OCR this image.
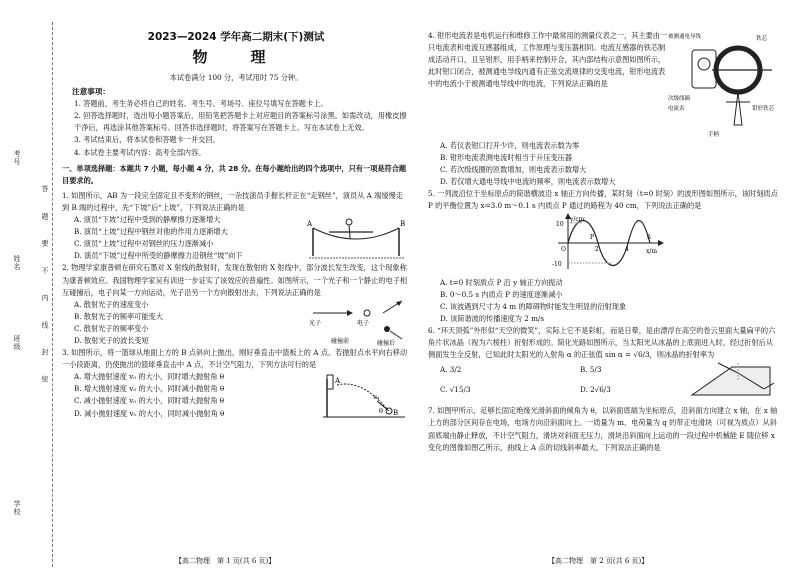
考号
姓名
班级
学校
答 题 要 不 内 线 封 密

2023—2024 学年高二期末(下)测试

物　理

本试卷满分 100 分，考试用时 75 分钟。

注意事项：

1. 答题前，考生务必将自己的姓名、考生号、考场号、座位号填写在答题卡上。

2. 回答选择题时，选出每小题答案后，用铅笔把答题卡上对应题目的答案标号涂黑。如需改动，用橡皮擦干净后，再选涂其他答案标号。回答非选择题时，将答案写在答题卡上。写在本试卷上无效。

3. 考试结束后，将本试卷和答题卡一并交回。

4. 本试卷主要考试内容：高考全部内容。

一、单项选择题：本题共 7 小题，每小题 4 分，共 28 分。在每小题给出的四个选项中，只有一项是符合题目要求的。

1. 如图所示，AB 为一段完全固定且不变形的钢丝，一杂技演员手握长杆正在“走钢丝”，演员从 A 端缓慢走到 B 端的过程中，先“下坡”后“上坡”，下列说法正确的是

A. 演员“下坡”过程中受到的静摩擦力逐渐增大

B. 演员“上坡”过程中钢丝对他的作用力逐渐增大

C. 演员“上坡”过程中对钢丝的压力逐渐减小

D. 演员“下坡”过程中所受的静摩擦力沿钢丝“坡”向下

A	B

2. 物理学家康普顿在研究石墨对 X 射线的散射时，发现在散射的 X 射线中，部分波长发生改变，这个现象称为康普顿效应。我国物理学家吴有训进一步证实了该效应的普遍性。如图所示，一个光子和一个静止的电子相互碰撞后，电子向某一方向运动，光子沿另一个方向散射出去，下列说法正确的是

A. 散射光子的速度变小

B. 散射光子的频率可能变大

C. 散射光子的频率变小

D. 散射光子的波长变短

光子	电子
碰撞前	碰撞后

3. 如图所示，将一篮球从地面上方的 B 点斜向上抛出，刚好垂直击中篮板上的 A 点。若抛射点水平向右移动一小段距离，仍使抛出的篮球垂直击中 A 点，不计空气阻力，下列方法可行的是

A. 增大抛射速度 v₀ 的大小，同时增大抛射角 θ

B. 增大抛射速度 v₀ 的大小，同时减小抛射角 θ

C. 减小抛射速度 v₀ 的大小，同时增大抛射角 θ

D. 减小抛射速度 v₀ 的大小，同时减小抛射角 θ

A
B
v₀
θ

4. 钳形电流表是电机运行和维修工作中最常用的测量仪表之一，其主要由一只电流表和电流互感器组成，工作原理与变压器相同。电流互感器的铁芯制成活动开口，且呈钳形，用手柄来控制开合，其内部结构示意图如图所示，此时钳口闭合，被测通电导线内通有正弦交流规律的交变电流，钳形电流表中的电流小于被测通电导线中的电流，下列说法正确的是

被测通电导线	铁芯
次级线圈
电流表	钳形铁芯
手柄

A. 若仪表钳口打开少许，则电流表示数为零

B. 钳形电流表测电流时相当于升压变压器

C. 若次级线圈的匝数增加，则电流表示数增大

D. 若仅增大通电导线中电流的频率，则电流表示数增大

5. 一列波沿位于坐标原点的简谐横波沿 x 轴正方向传播，某时刻（t=0 时刻）的波形图如图所示，该时刻质点 P 的平衡位置为 x=3.0 m～0.1 s 内质点 P 通过的路程为 40 cm，下列说法正确的是

y/cm
x/m
10
-10
O
P
2	4
6

A. t=0 时刻质点 P 沿 y 轴正方向振动

B. 0～0.5 s 内质点 P 的速度逐渐减小

C. 该波遇到尺寸为 4 m 的障碍物时能发生明显的衍射现象

D. 该简谐波的传播速度为 2 m/s

6. “环天顶弧”外形似“天空的微笑”，实际上它不是彩虹，而是日晕，是由漂浮在高空的卷云里面大量扁平的六角片状冰晶（视为六棱柱）折射形成的。简化光路如图所示，当太阳光从冰晶的上底面进入时，经过折射后从侧面发生全反射，已知此时太阳光的入射角 α 的正弦值 sin α = √6/3，则冰晶的折射率为

A. 3/2	B. 5/3
C. √15/3	D. 2√6/3

7. 如图甲所示，足够长固定绝缘光滑斜面的倾角为 θ，以斜面底端为坐标原点，沿斜面方向建立 x 轴，在 x 轴上方的部分区间存在电场，电场方向沿斜面向上。一质量为 m、电荷量为 q 的带正电滑块（可视为质点）从斜面底端由静止释放，不计空气阻力，滑块对斜面无压力，滑块沿斜面向上运动的一段过程中机械能 E 随位移 x 变化的图像如图乙所示，曲线上 A 点的切线斜率最大，下列说法正确的是

【高二物理　第 1 页(共 6 页)】	【高二物理　第 2 页(共 6 页)】
